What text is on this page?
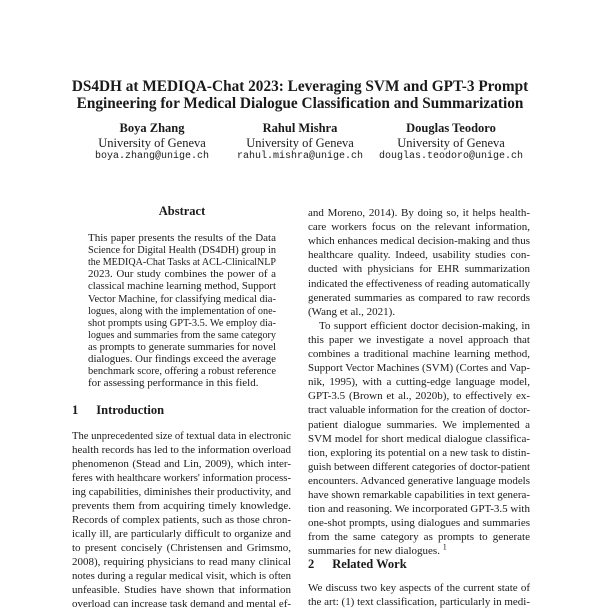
DS4DH at MEDIQA-Chat 2023: Leveraging SVM and GPT-3 Prompt
Engineering for Medical Dialogue Classification and Summarization
Boya Zhang
University of Geneva
boya.zhang@unige.ch
Rahul Mishra
University of Geneva
rahul.mishra@unige.ch
Douglas Teodoro
University of Geneva
douglas.teodoro@unige.ch
Abstract
This paper presents the results of the Data
Science for Digital Health (DS4DH) group in
the MEDIQA-Chat Tasks at ACL-ClinicalNLP
2023. Our study combines the power of a
classical machine learning method, Support
Vector Machine, for classifying medical dia-
logues, along with the implementation of one-
shot prompts using GPT-3.5. We employ dia-
logues and summaries from the same category
as prompts to generate summaries for novel
dialogues. Our findings exceed the average
benchmark score, offering a robust reference
for assessing performance in this field.
1 Introduction
The unprecedented size of textual data in electronic
health records has led to the information overload
phenomenon (Stead and Lin, 2009), which inter-
feres with healthcare workers' information process-
ing capabilities, diminishes their productivity, and
prevents them from acquiring timely knowledge.
Records of complex patients, such as those chron-
ically ill, are particularly difficult to organize and
to present concisely (Christensen and Grimsmo,
2008), requiring physicians to read many clinical
notes during a regular medical visit, which is often
unfeasible. Studies have shown that information
overload can increase task demand and mental ef-
and Moreno, 2014). By doing so, it helps health-
care workers focus on the relevant information,
which enhances medical decision-making and thus
healthcare quality. Indeed, usability studies con-
ducted with physicians for EHR summarization
indicated the effectiveness of reading automatically
generated summaries as compared to raw records
(Wang et al., 2021).
To support efficient doctor decision-making, in
this paper we investigate a novel approach that
combines a traditional machine learning method,
Support Vector Machines (SVM) (Cortes and Vap-
nik, 1995), with a cutting-edge language model,
GPT-3.5 (Brown et al., 2020b), to effectively ex-
tract valuable information for the creation of doctor-
patient dialogue summaries. We implemented a
SVM model for short medical dialogue classifica-
tion, exploring its potential on a new task to distin-
guish between different categories of doctor-patient
encounters. Advanced generative language models
have shown remarkable capabilities in text genera-
tion and reasoning. We incorporated GPT-3.5 with
one-shot prompts, using dialogues and summaries
from the same category as prompts to generate
summaries for new dialogues. $^1$
2 Related Work
We discuss two key aspects of the current state of
the art: (1) text classification, particularly in medi-
